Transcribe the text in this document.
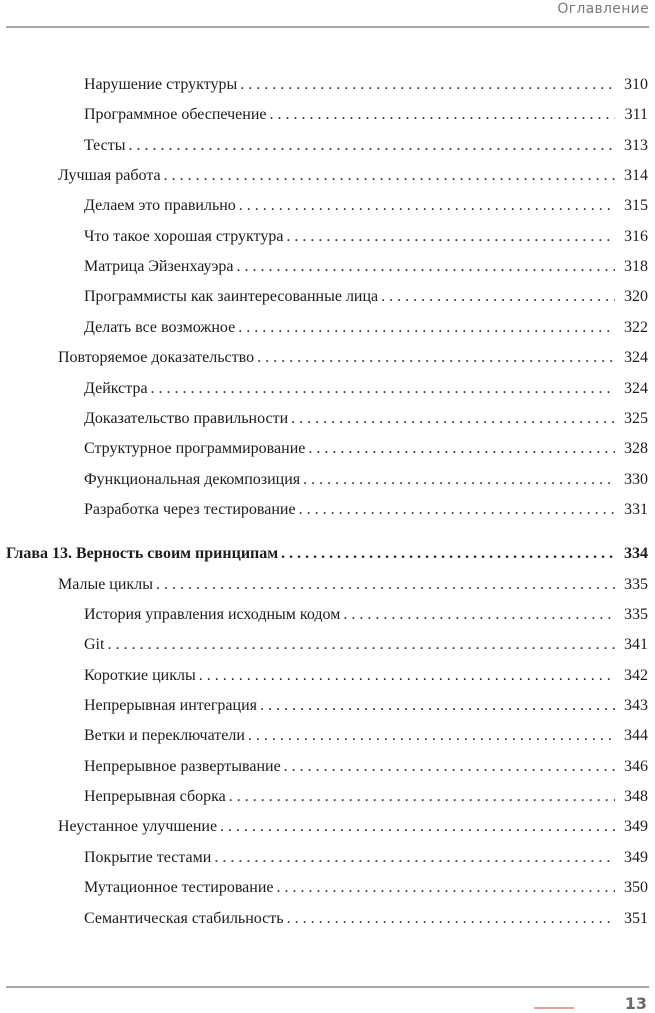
Оглавление
Нарушение структуры . . .	310
Программное обеспечение . . .	311
Тесты . . .	313
Лучшая работа . . .	314
Делаем это правильно . . .	315
Что такое хорошая структура . . .	316
Матрица Эйзенхауэра . . .	318
Программисты как заинтересованные лица . . .	320
Делать все возможное . . .	322
Повторяемое доказательство . . .	324
Дейкстра . . .	324
Доказательство правильности . . .	325
Структурное программирование . . .	328
Функциональная декомпозиция . . .	330
Разработка через тестирование . . .	331
Глава 13. Верность своим принципам . . .	334
Малые циклы . . .	335
История управления исходным кодом . . .	335
Git . . .	341
Короткие циклы . . .	342
Непрерывная интеграция . . .	343
Ветки и переключатели . . .	344
Непрерывное развертывание . . .	346
Непрерывная сборка . . .	348
Неустанное улучшение . . .	349
Покрытие тестами . . .	349
Мутационное тестирование . . .	350
Семантическая стабильность . . .	351
13
